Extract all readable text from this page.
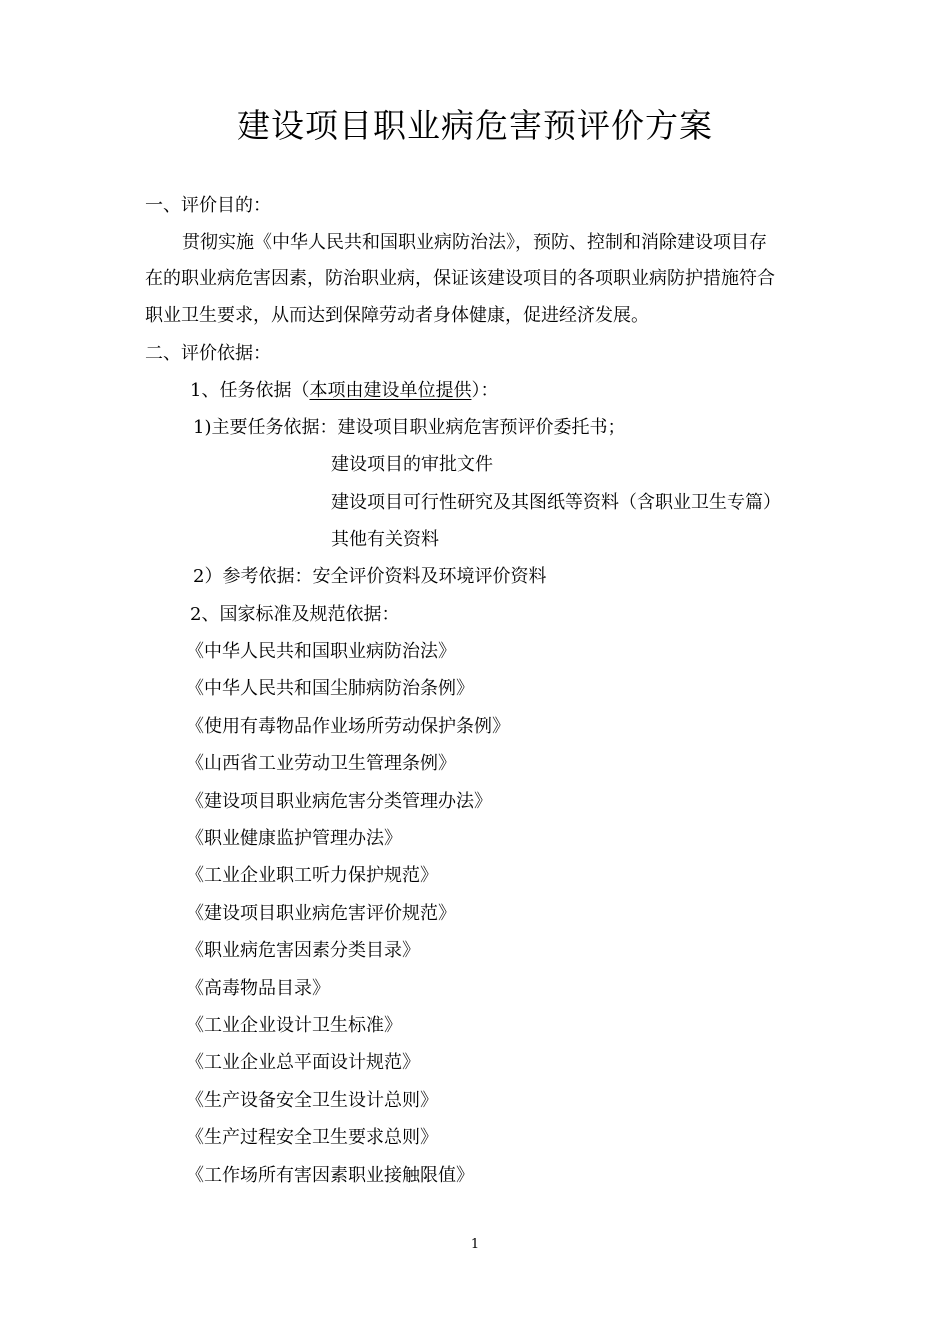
建设项目职业病危害预评价方案
一、评价目的：
贯彻实施《中华人民共和国职业病防治法》，预防、控制和消除建设项目存
在的职业病危害因素，防治职业病，保证该建设项目的各项职业病防护措施符合
职业卫生要求，从而达到保障劳动者身体健康，促进经济发展。
二、评价依据：
1、任务依据（本项由建设单位提供）：
1)主要任务依据：建设项目职业病危害预评价委托书；
建设项目的审批文件
建设项目可行性研究及其图纸等资料（含职业卫生专篇）
其他有关资料
2）参考依据：安全评价资料及环境评价资料
2、国家标准及规范依据：
《中华人民共和国职业病防治法》
《中华人民共和国尘肺病防治条例》
《使用有毒物品作业场所劳动保护条例》
《山西省工业劳动卫生管理条例》
《建设项目职业病危害分类管理办法》
《职业健康监护管理办法》
《工业企业职工听力保护规范》
《建设项目职业病危害评价规范》
《职业病危害因素分类目录》
《高毒物品目录》
《工业企业设计卫生标准》
《工业企业总平面设计规范》
《生产设备安全卫生设计总则》
《生产过程安全卫生要求总则》
《工作场所有害因素职业接触限值》
1
